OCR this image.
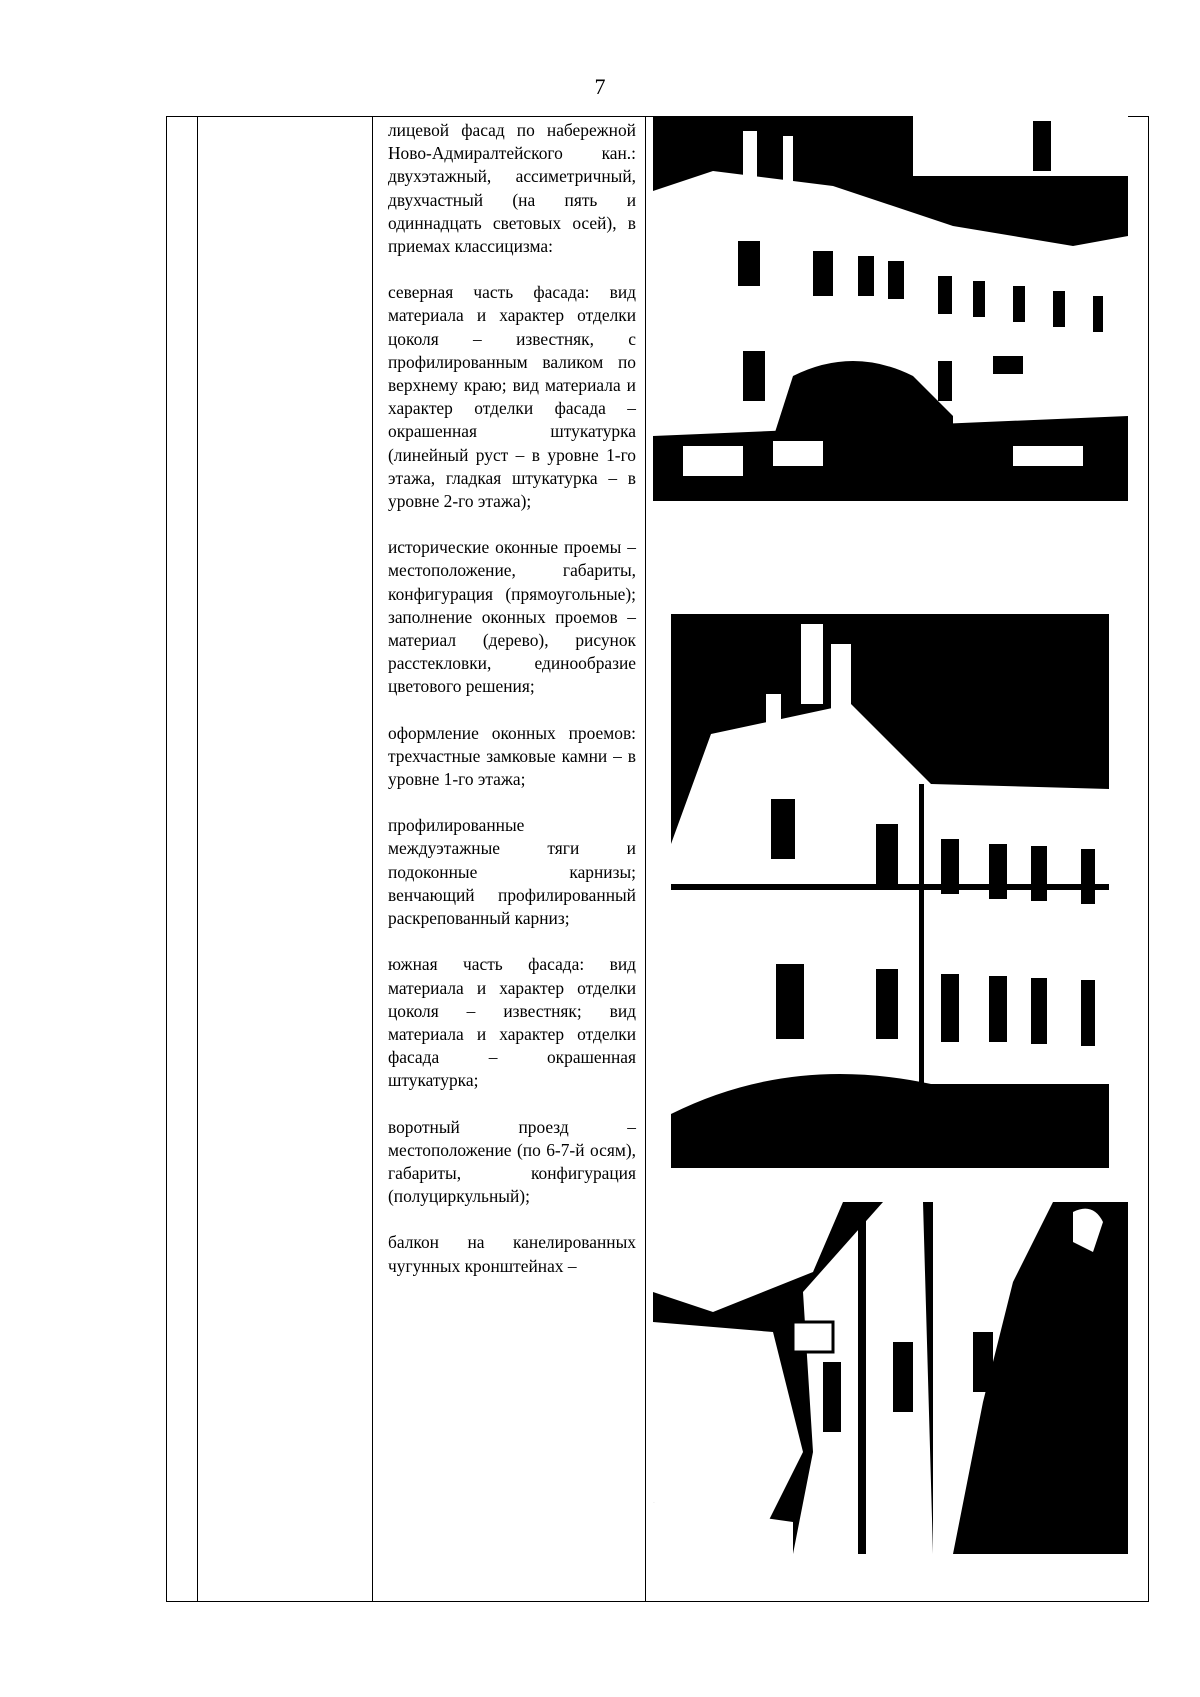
7

лицевой фасад по набережной Ново-Адмиралтейского кан.: двухэтажный, ассиметричный, двухчастный (на пять и одиннадцать световых осей), в приемах классицизма:

северная часть фасада: вид материала и характер отделки цоколя – известняк, с профилированным валиком по верхнему краю; вид материала и характер отделки фасада – окрашенная штукатурка (линейный руст – в уровне 1-го этажа, гладкая штукатурка – в уровне 2-го этажа);

исторические оконные проемы – местоположение, габариты, конфигурация (прямоугольные); заполнение оконных проемов – материал (дерево), рисунок расстекловки, единообразие цветового решения;

оформление оконных проемов: трехчастные замковые камни – в уровне 1-го этажа;

профилированные междуэтажные тяги и подоконные карнизы; венчающий профилированный раскрепованный карниз;

южная часть фасада: вид материала и характер отделки цоколя – известняк; вид материала и характер отделки фасада – окрашенная штукатурка;

воротный проезд – местоположение (по 6-7-й осям), габариты, конфигурация (полуциркульный);

балкон на канелированных чугунных кронштейнах –
